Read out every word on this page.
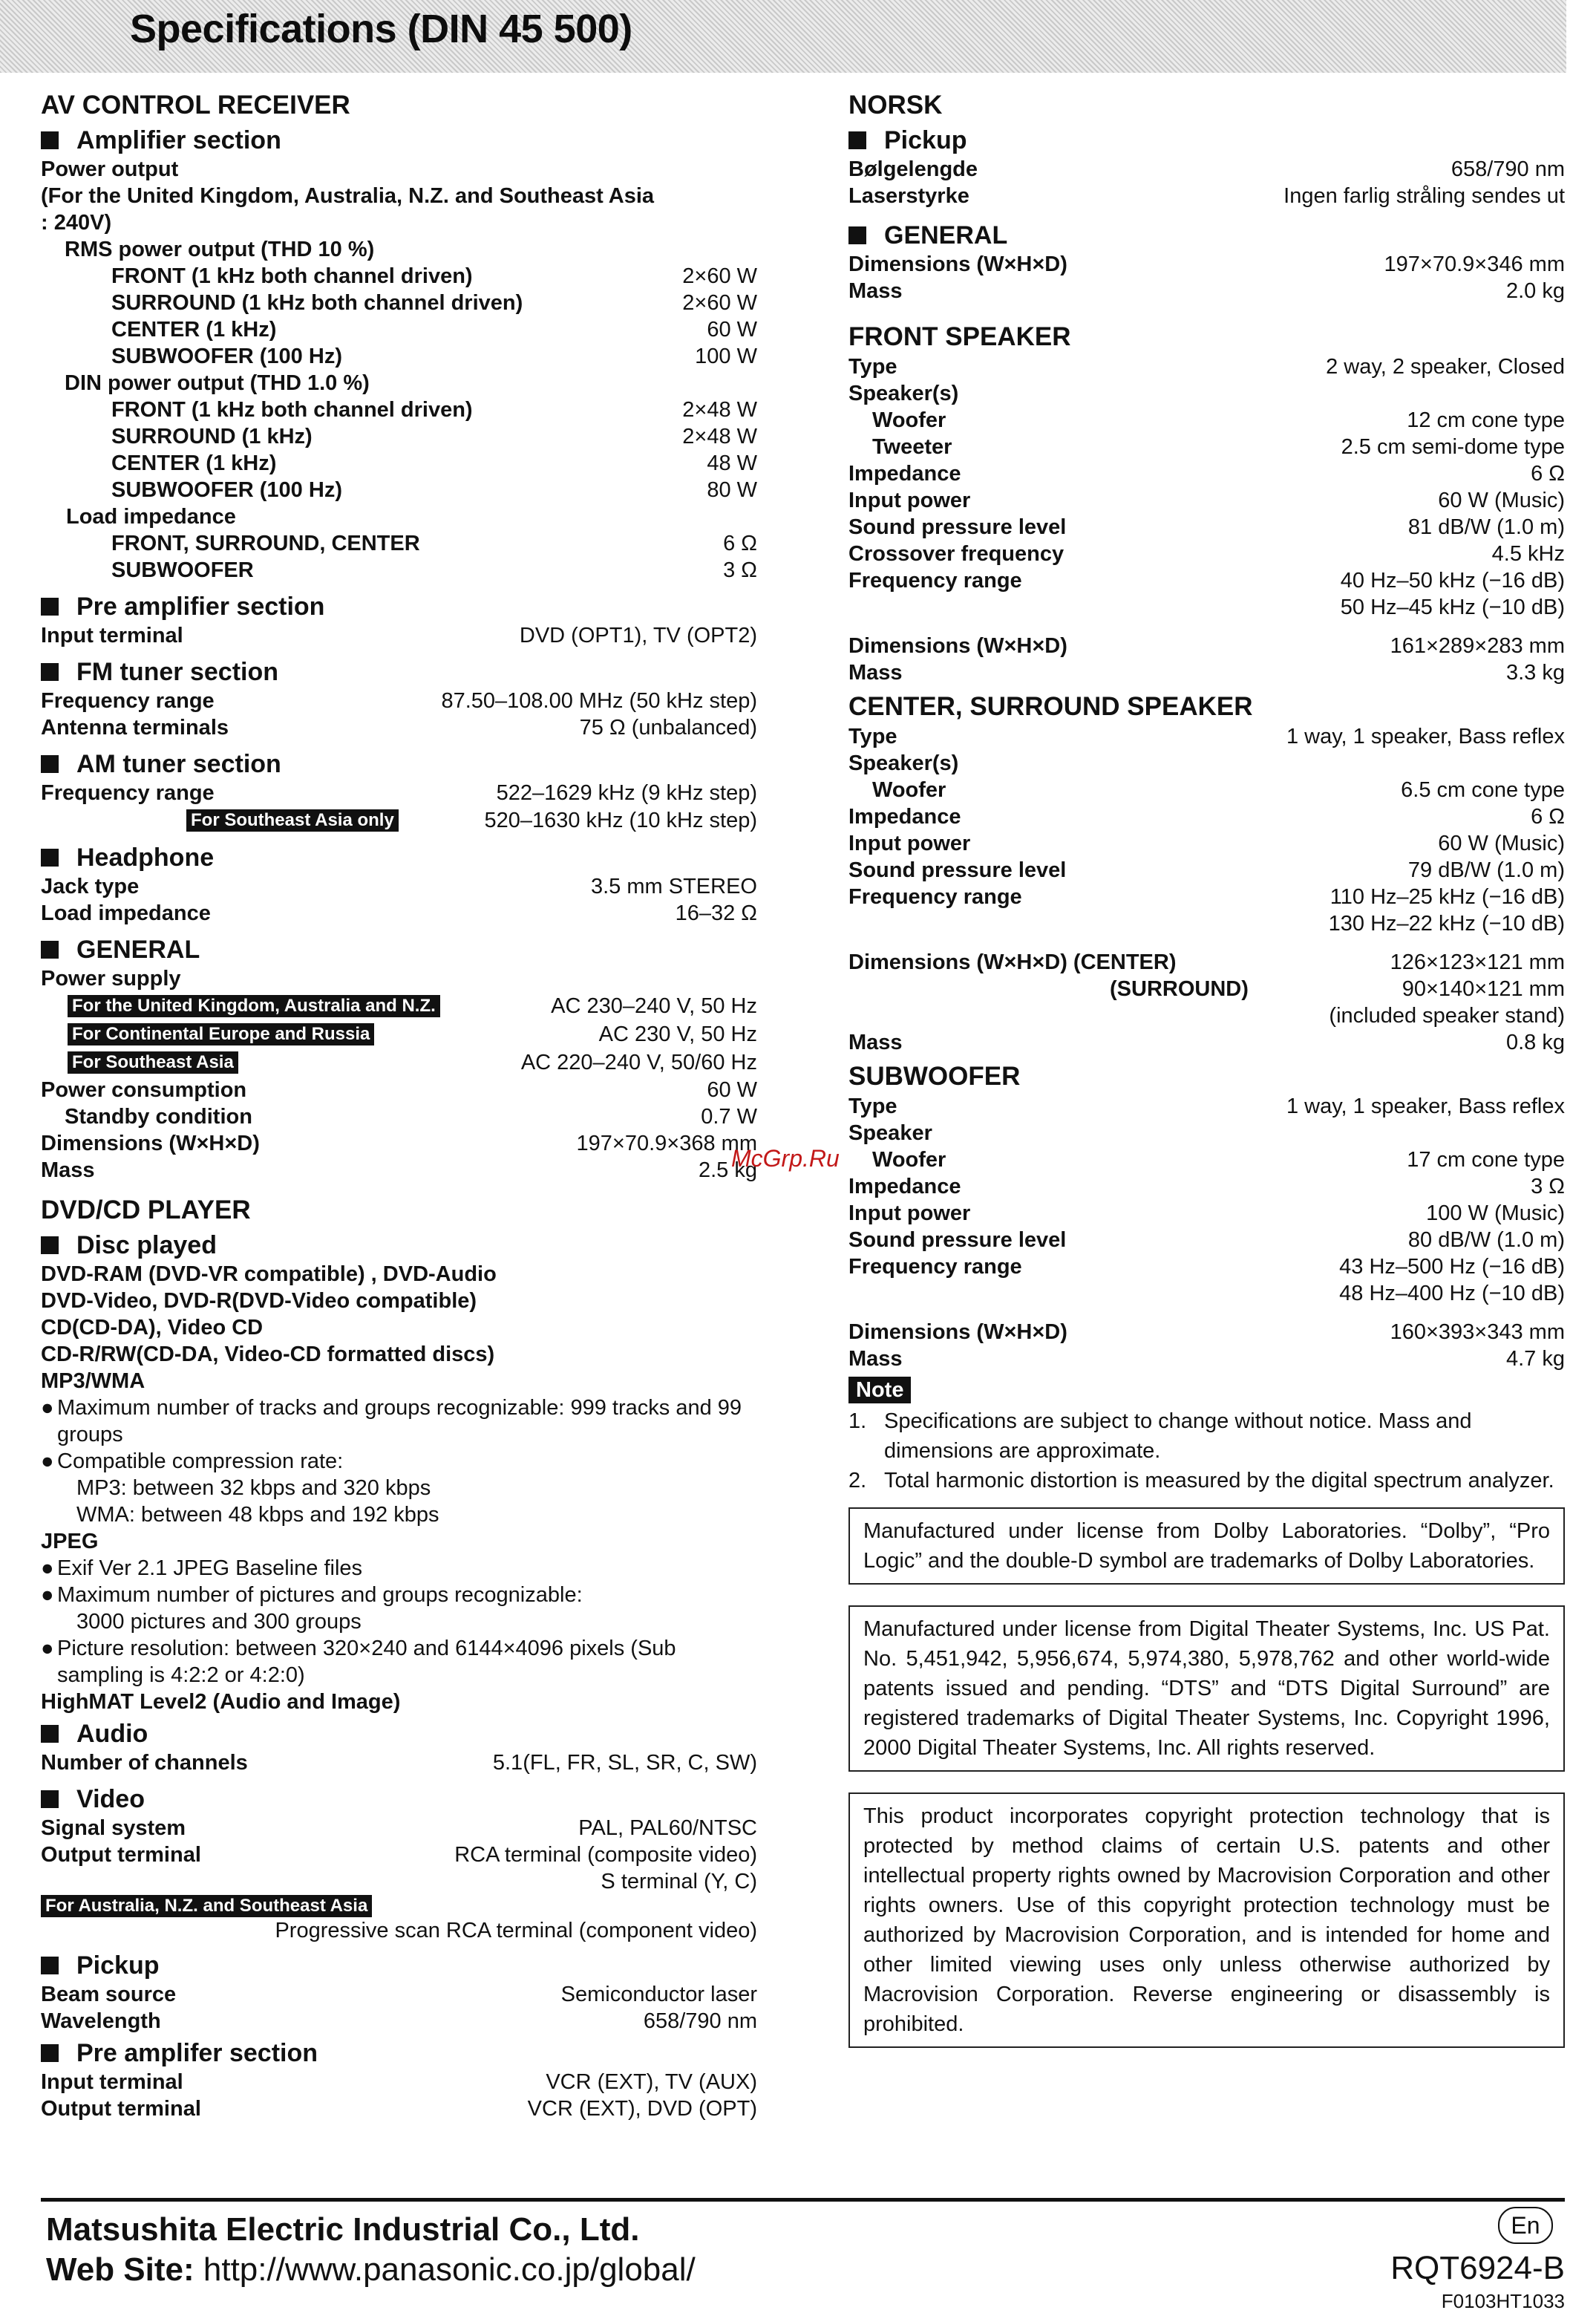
Specifications (DIN 45 500)
AV CONTROL RECEIVER
Amplifier section
Power output
(For the United Kingdom, Australia, N.Z. and Southeast Asia
: 240V)
RMS power output (THD 10 %)
FRONT (1 kHz both channel driven)	2×60 W
SURROUND (1 kHz both channel driven)	2×60 W
CENTER (1 kHz)	60 W
SUBWOOFER (100 Hz)	100 W
DIN power output (THD 1.0 %)
FRONT (1 kHz both channel driven)	2×48 W
SURROUND (1 kHz)	2×48 W
CENTER (1 kHz)	48 W
SUBWOOFER (100 Hz)	80 W
Load impedance
FRONT, SURROUND, CENTER	6 Ω
SUBWOOFER	3 Ω
Pre amplifier section
Input terminal	DVD (OPT1), TV (OPT2)
FM tuner section
Frequency range	87.50–108.00 MHz (50 kHz step)
Antenna terminals	75 Ω (unbalanced)
AM tuner section
Frequency range	522–1629 kHz (9 kHz step)
For Southeast Asia only	520–1630 kHz (10 kHz step)
Headphone
Jack type	3.5 mm STEREO
Load impedance	16–32 Ω
GENERAL
Power supply
For the United Kingdom, Australia and N.Z.	AC 230–240 V, 50 Hz
For Continental Europe and Russia	AC 230 V, 50 Hz
For Southeast Asia	AC 220–240 V, 50/60 Hz
Power consumption	60 W
Standby condition	0.7 W
Dimensions (W×H×D)	197×70.9×368 mm
Mass	2.5 kg
DVD/CD PLAYER
Disc played
DVD-RAM (DVD-VR compatible) , DVD-Audio
DVD-Video, DVD-R(DVD-Video compatible)
CD(CD-DA), Video CD
CD-R/RW(CD-DA, Video-CD formatted discs)
MP3/WMA
● Maximum number of tracks and groups recognizable: 999 tracks and 99 groups
● Compatible compression rate:
MP3: between 32 kbps and 320 kbps
WMA: between 48 kbps and 192 kbps
JPEG
● Exif Ver 2.1 JPEG Baseline files
● Maximum number of pictures and groups recognizable:
3000 pictures and 300 groups
● Picture resolution: between 320×240 and 6144×4096 pixels (Sub sampling is 4:2:2 or 4:2:0)
HighMAT Level2 (Audio and Image)
Audio
Number of channels	5.1(FL, FR, SL, SR, C, SW)
Video
Signal system	PAL, PAL60/NTSC
Output terminal	RCA terminal (composite video)
S terminal (Y, C)
For Australia, N.Z. and Southeast Asia
Progressive scan RCA terminal (component video)
Pickup
Beam source	Semiconductor laser
Wavelength	658/790 nm
Pre amplifer section
Input terminal	VCR (EXT), TV (AUX)
Output terminal	VCR (EXT), DVD (OPT)
NORSK
Pickup
Bølgelengde	658/790 nm
Laserstyrke	Ingen farlig stråling sendes ut
GENERAL
Dimensions (W×H×D)	197×70.9×346 mm
Mass	2.0 kg
FRONT SPEAKER
Type	2 way, 2 speaker, Closed
Speaker(s)
Woofer	12 cm cone type
Tweeter	2.5 cm semi-dome type
Impedance	6 Ω
Input power	60 W (Music)
Sound pressure level	81 dB/W (1.0 m)
Crossover frequency	4.5 kHz
Frequency range	40 Hz–50 kHz (−16 dB)
50 Hz–45 kHz (−10 dB)
Dimensions (W×H×D)	161×289×283 mm
Mass	3.3 kg
CENTER, SURROUND SPEAKER
Type	1 way, 1 speaker, Bass reflex
Speaker(s)
Woofer	6.5 cm cone type
Impedance	6 Ω
Input power	60 W (Music)
Sound pressure level	79 dB/W (1.0 m)
Frequency range	110 Hz–25 kHz (−16 dB)
130 Hz–22 kHz (−10 dB)
Dimensions (W×H×D) (CENTER)	126×123×121 mm
(SURROUND)	90×140×121 mm
(included speaker stand)
Mass	0.8 kg
SUBWOOFER
Type	1 way, 1 speaker, Bass reflex
Speaker
Woofer	17 cm cone type
Impedance	3 Ω
Input power	100 W (Music)
Sound pressure level	80 dB/W (1.0 m)
Frequency range	43 Hz–500 Hz (−16 dB)
48 Hz–400 Hz (−10 dB)
Dimensions (W×H×D)	160×393×343 mm
Mass	4.7 kg
Note
1. Specifications are subject to change without notice. Mass and dimensions are approximate.
2. Total harmonic distortion is measured by the digital spectrum analyzer.
Manufactured under license from Dolby Laboratories. “Dolby”, “Pro Logic” and the double-D symbol are trademarks of Dolby Laboratories.
Manufactured under license from Digital Theater Systems, Inc. US Pat. No. 5,451,942, 5,956,674, 5,974,380, 5,978,762 and other world-wide patents issued and pending. “DTS” and “DTS Digital Surround” are registered trademarks of Digital Theater Systems, Inc. Copyright 1996, 2000 Digital Theater Systems, Inc. All rights reserved.
This product incorporates copyright protection technology that is protected by method claims of certain U.S. patents and other intellectual property rights owned by Macrovision Corporation and other rights owners. Use of this copyright protection technology must be authorized by Macrovision Corporation, and is intended for home and other limited viewing uses only unless otherwise authorized by Macrovision Corporation. Reverse engineering or disassembly is prohibited.
McGrp.Ru
Matsushita Electric Industrial Co., Ltd.
Web Site: http://www.panasonic.co.jp/global/
En
RQT6924-B
F0103HT1033
